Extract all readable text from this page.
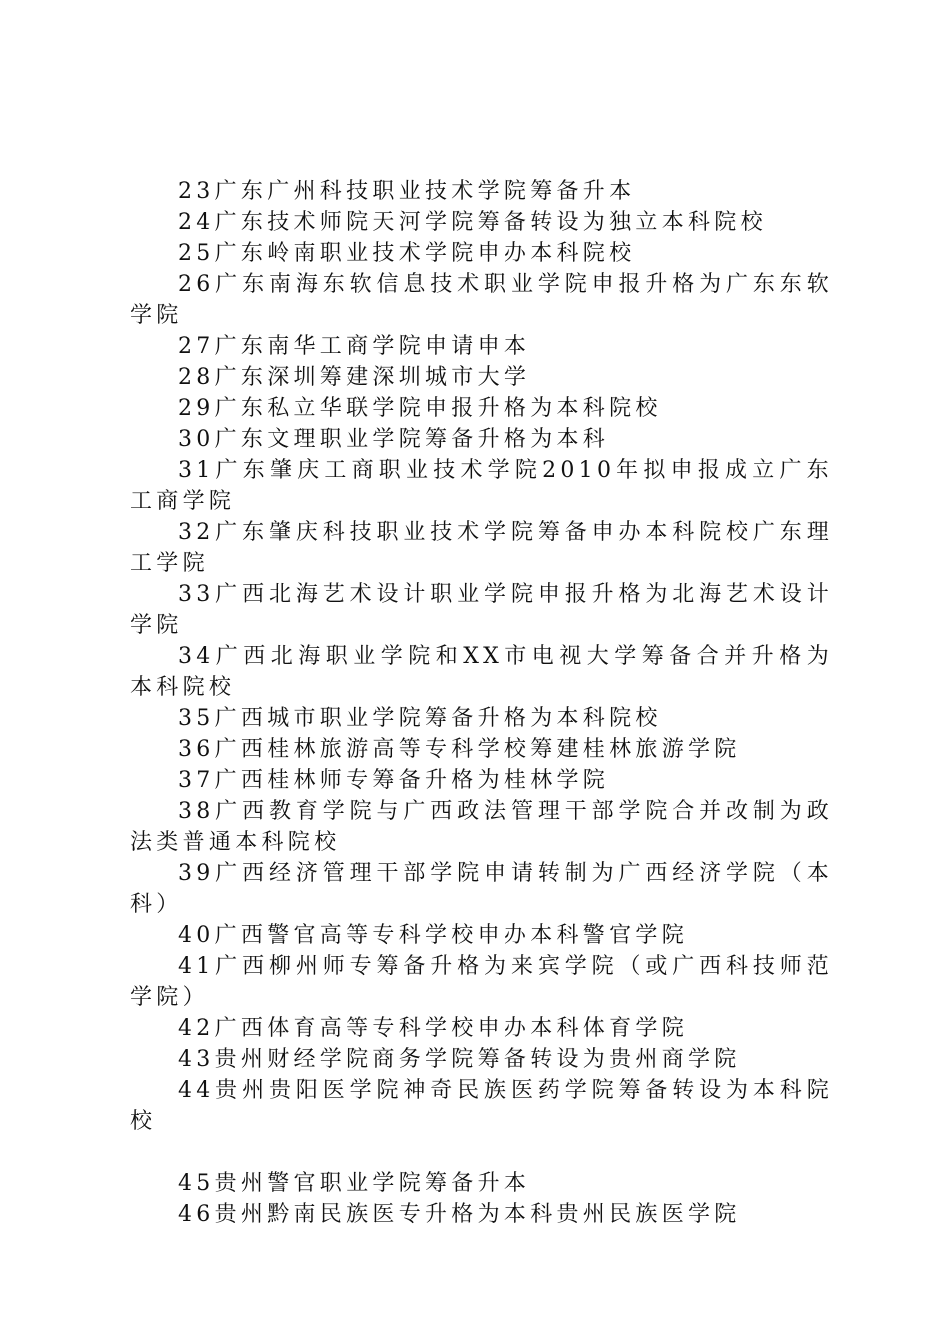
23广东广州科技职业技术学院筹备升本

24广东技术师院天河学院筹备转设为独立本科院校

25广东岭南职业技术学院申办本科院校

26广东南海东软信息技术职业学院申报升格为广东东软学院

27广东南华工商学院申请申本

28广东深圳筹建深圳城市大学

29广东私立华联学院申报升格为本科院校

30广东文理职业学院筹备升格为本科

31广东肇庆工商职业技术学院2010年拟申报成立广东工商学院

32广东肇庆科技职业技术学院筹备申办本科院校广东理工学院

33广西北海艺术设计职业学院申报升格为北海艺术设计学院

34广西北海职业学院和XX市电视大学筹备合并升格为本科院校

35广西城市职业学院筹备升格为本科院校

36广西桂林旅游高等专科学校筹建桂林旅游学院

37广西桂林师专筹备升格为桂林学院

38广西教育学院与广西政法管理干部学院合并改制为政法类普通本科院校

39广西经济管理干部学院申请转制为广西经济学院（本科）

40广西警官高等专科学校申办本科警官学院

41广西柳州师专筹备升格为来宾学院（或广西科技师范学院）

42广西体育高等专科学校申办本科体育学院

43贵州财经学院商务学院筹备转设为贵州商学院

44贵州贵阳医学院神奇民族医药学院筹备转设为本科院校

45贵州警官职业学院筹备升本

46贵州黔南民族医专升格为本科贵州民族医学院
